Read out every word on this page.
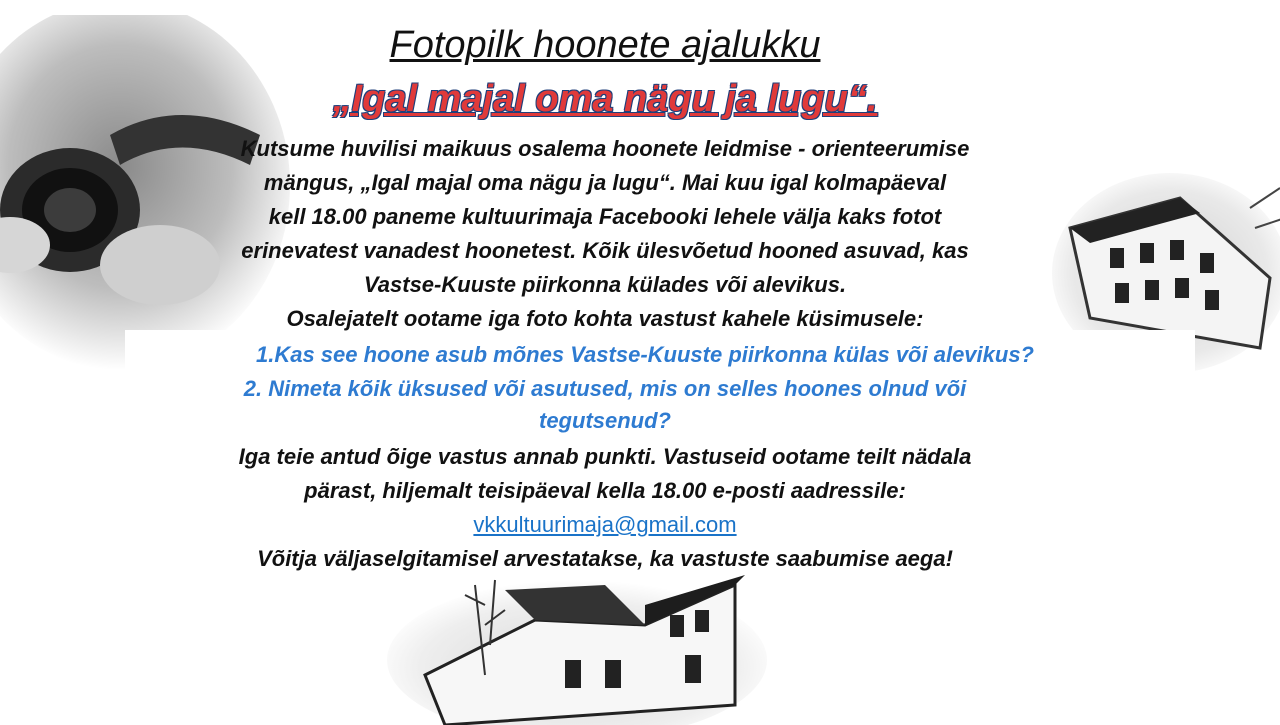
Fotopilk hoonete ajalukku
„Igal majal oma nägu ja lugu“.
Kutsume huvilisi maikuus osalema hoonete leidmise - orienteerumise
mängus, „Igal majal oma nägu ja lugu“. Mai kuu igal kolmapäeval
kell 18.00 paneme kultuurimaja Facebooki lehele välja kaks fotot
erinevatest vanadest hoonetest. Kõik ülesvõetud hooned asuvad, kas
Vastse-Kuuste piirkonna külades või alevikus.
Osalejatelt ootame iga foto kohta vastust kahele küsimusele:
1.Kas see hoone asub mõnes Vastse-Kuuste piirkonna külas või alevikus?
2. Nimeta kõik üksused või asutused, mis on selles hoones olnud või
tegutsenud?
Iga teie antud õige vastus annab punkti. Vastuseid ootame teilt nädala
pärast, hiljemalt teisipäeval kella 18.00 e-posti aadressile:
vkkultuurimaja@gmail.com
Võitja väljaselgitamisel arvestatakse, ka vastuste saabumise aega!
